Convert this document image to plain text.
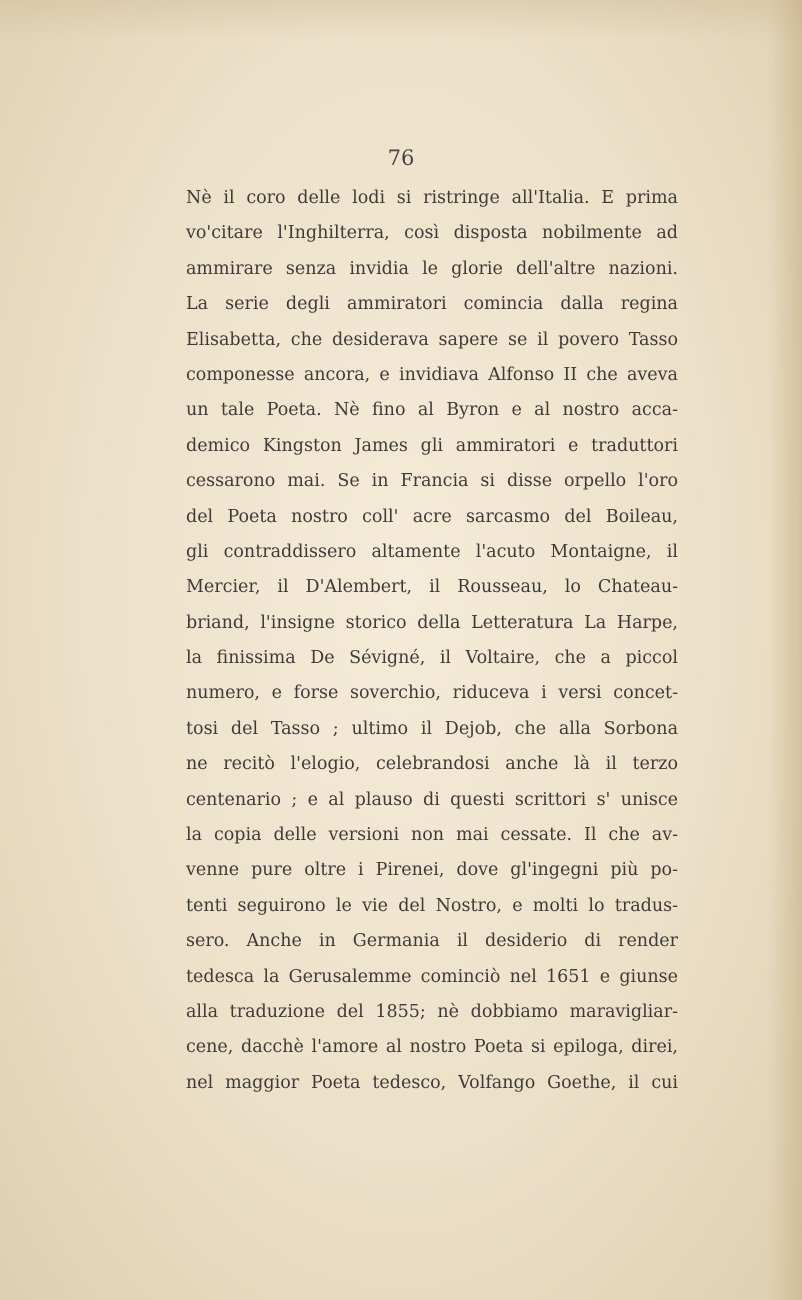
76

Nè il coro delle lodi si ristringe all'Italia. E prima
vo'citare l'Inghilterra, così disposta nobilmente ad
ammirare senza invidia le glorie dell'altre nazioni.
La serie degli ammiratori comincia dalla regina
Elisabetta, che desiderava sapere se il povero Tasso
componesse ancora, e invidiava Alfonso II che aveva
un tale Poeta. Nè fino al Byron e al nostro acca-
demico Kingston James gli ammiratori e traduttori
cessarono mai. Se in Francia si disse orpello l'oro
del Poeta nostro coll' acre sarcasmo del Boileau,
gli contraddissero altamente l'acuto Montaigne, il
Mercier, il D'Alembert, il Rousseau, lo Chateau-
briand, l'insigne storico della Letteratura La Harpe,
la finissima De Sévigné, il Voltaire, che a piccol
numero, e forse soverchio, riduceva i versi concet-
tosi del Tasso ; ultimo il Dejob, che alla Sorbona
ne recitò l'elogio, celebrandosi anche là il terzo
centenario ; e al plauso di questi scrittori s' unisce
la copia delle versioni non mai cessate. Il che av-
venne pure oltre i Pirenei, dove gl'ingegni più po-
tenti seguirono le vie del Nostro, e molti lo tradus-
sero. Anche in Germania il desiderio di render
tedesca la Gerusalemme cominciò nel 1651 e giunse
alla traduzione del 1855; nè dobbiamo maravigliar-
cene, dacchè l'amore al nostro Poeta si epiloga, direi,
nel maggior Poeta tedesco, Volfango Goethe, il cui
